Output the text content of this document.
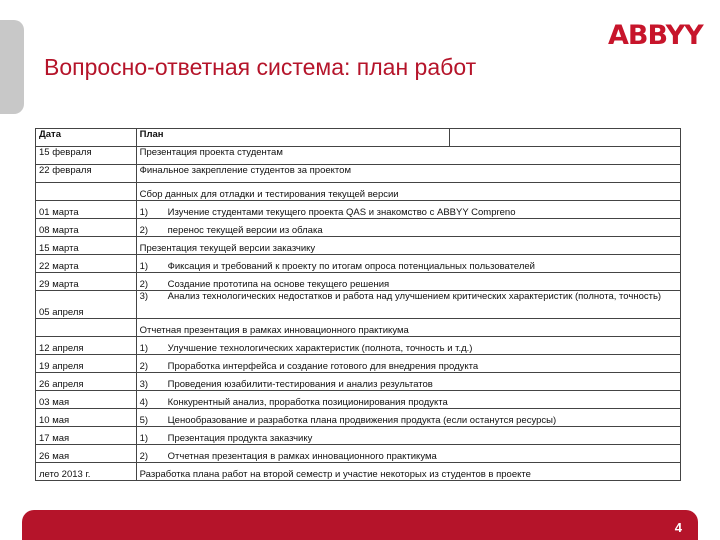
ABBYY
Вопросно-ответная система: план работ
Дата	План	
15 февраля	Презентация проекта студентам	
22 февраля	Финальное закрепление студентов за проектом	
	Сбор данных для отладки и тестирования текущей версии	
01 марта	1) Изучение студентами текущего проекта QAS и знакомство с ABBYY Compreno	
08 марта	2) перенос текущей версии из облака	
15 марта	Презентация текущей версии заказчику	
22 марта	1) Фиксация и требований к проекту по итогам опроса потенциальных пользователей	
29 марта	2) Создание прототипа на основе текущего решения	
05 апреля	3) Анализ технологических недостатков и работа над улучшением критических характеристик (полнота, точность)	
	Отчетная презентация в рамках инновационного практикума	
12 апреля	1) Улучшение технологических характеристик (полнота, точность и т.д.)	
19 апреля	2) Проработка интерфейса и создание готового для внедрения продукта	
26 апреля	3) Проведения юзабилити-тестирования и анализ результатов	
03 мая	4) Конкурентный анализ, проработка позиционирования продукта	
10 мая	5) Ценообразование и разработка плана продвижения продукта (если останутся ресурсы)	
17 мая	1) Презентация продукта заказчику	
26 мая	2) Отчетная презентация в рамках инновационного практикума	
лето 2013 г.	Разработка плана работ на второй семестр и участие некоторых из студентов в проекте	
4
